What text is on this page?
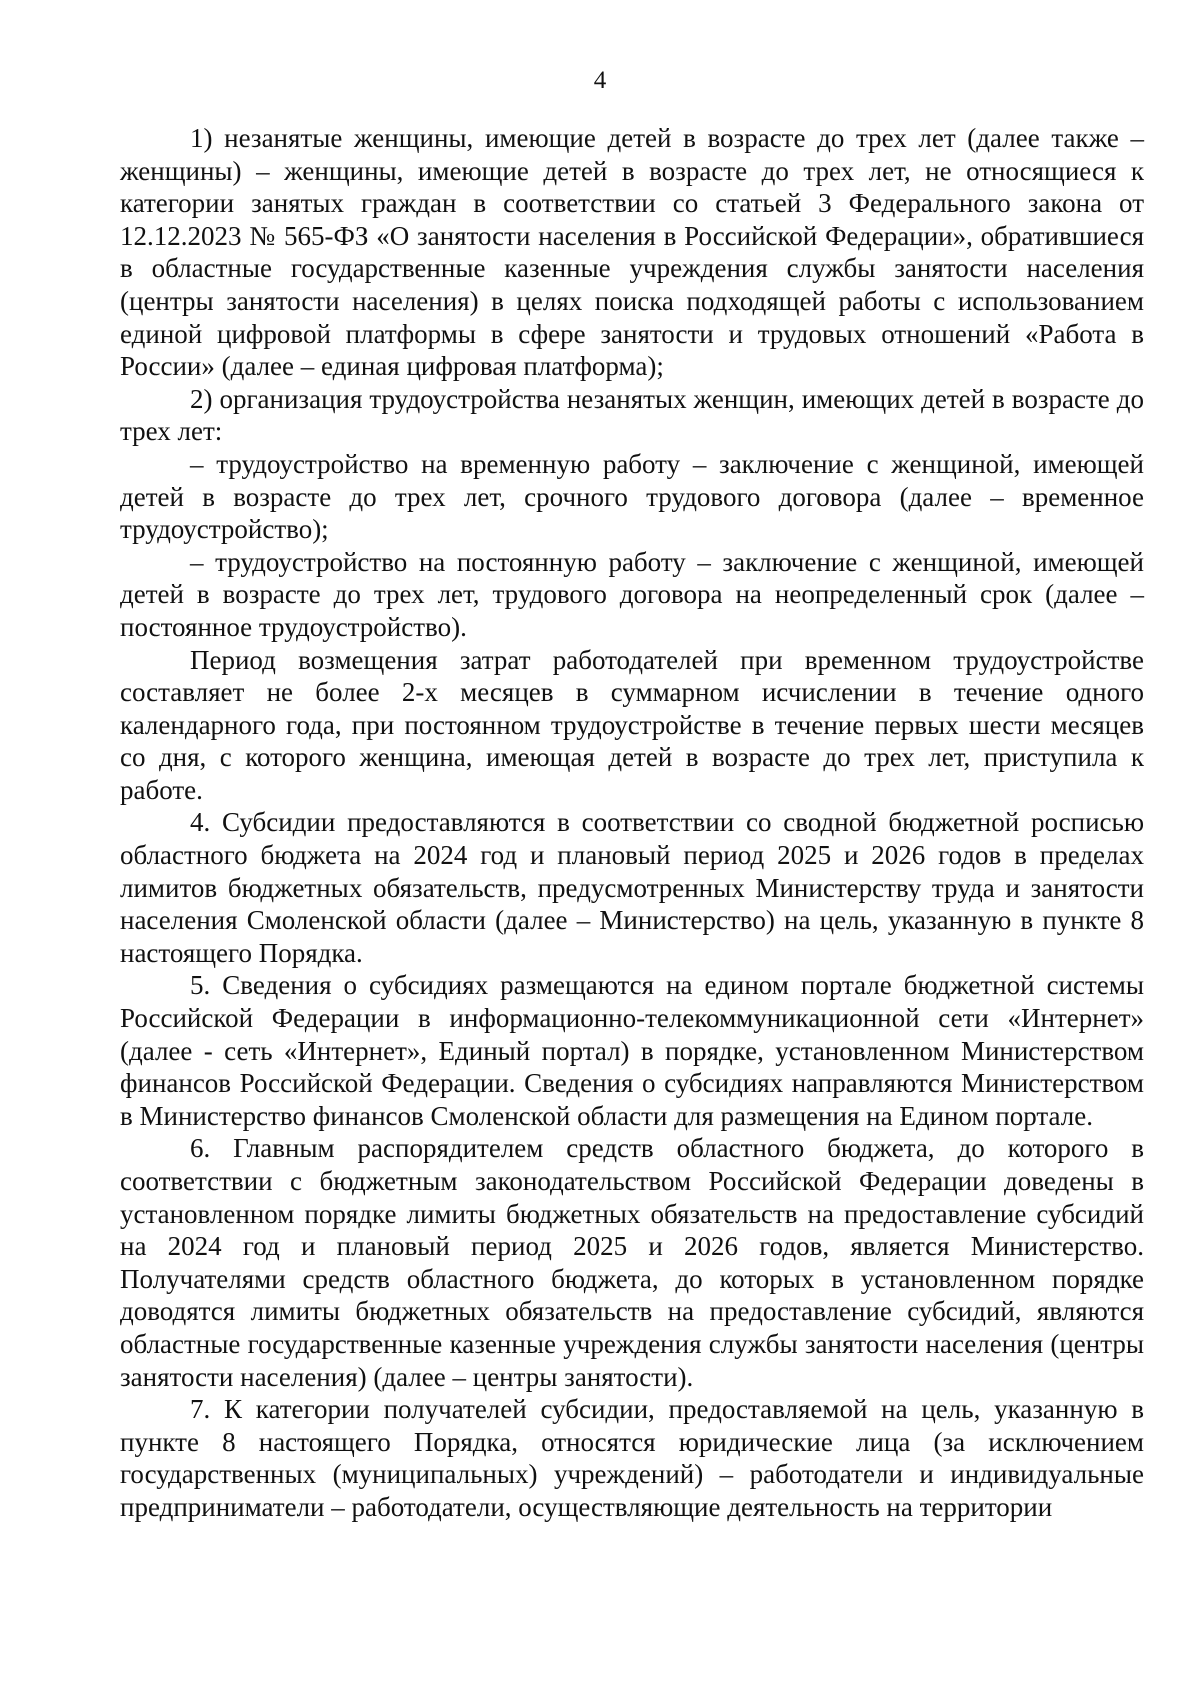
4

1) незанятые женщины, имеющие детей в возрасте до трех лет (далее также – женщины) – женщины, имеющие детей в возрасте до трех лет, не относящиеся к категории занятых граждан в соответствии со статьей 3 Федерального закона от 12.12.2023 № 565-ФЗ «О занятости населения в Российской Федерации», обратившиеся в областные государственные казенные учреждения службы занятости населения (центры занятости населения) в целях поиска подходящей работы с использованием единой цифровой платформы в сфере занятости и трудовых отношений «Работа в России» (далее – единая цифровая платформа);

2) организация трудоустройства незанятых женщин, имеющих детей в возрасте до трех лет:

– трудоустройство на временную работу – заключение с женщиной, имеющей детей в возрасте до трех лет, срочного трудового договора (далее – временное трудоустройство);

– трудоустройство на постоянную работу – заключение с женщиной, имеющей детей в возрасте до трех лет, трудового договора на неопределенный срок (далее – постоянное трудоустройство).

Период возмещения затрат работодателей при временном трудоустройстве составляет не более 2-х месяцев в суммарном исчислении в течение одного календарного года, при постоянном трудоустройстве в течение первых шести месяцев со дня, с которого женщина, имеющая детей в возрасте до трех лет, приступила к работе.

4. Субсидии предоставляются в соответствии со сводной бюджетной росписью областного бюджета на 2024 год и плановый период 2025 и 2026 годов в пределах лимитов бюджетных обязательств, предусмотренных Министерству труда и занятости населения Смоленской области (далее – Министерство) на цель, указанную в пункте 8 настоящего Порядка.

5. Сведения о субсидиях размещаются на едином портале бюджетной системы Российской Федерации в информационно-телекоммуникационной сети «Интернет» (далее - сеть «Интернет», Единый портал) в порядке, установленном Министерством финансов Российской Федерации. Сведения о субсидиях направляются Министерством в Министерство финансов Смоленской области для размещения на Едином портале.

6. Главным распорядителем средств областного бюджета, до которого в соответствии с бюджетным законодательством Российской Федерации доведены в установленном порядке лимиты бюджетных обязательств на предоставление субсидий на 2024 год и плановый период 2025 и 2026 годов, является Министерство. Получателями средств областного бюджета, до которых в установленном порядке доводятся лимиты бюджетных обязательств на предоставление субсидий, являются областные государственные казенные учреждения службы занятости населения (центры занятости населения) (далее – центры занятости).

7. К категории получателей субсидии, предоставляемой на цель, указанную в пункте 8 настоящего Порядка, относятся юридические лица (за исключением государственных (муниципальных) учреждений) – работодатели и индивидуальные предприниматели – работодатели, осуществляющие деятельность на территории
